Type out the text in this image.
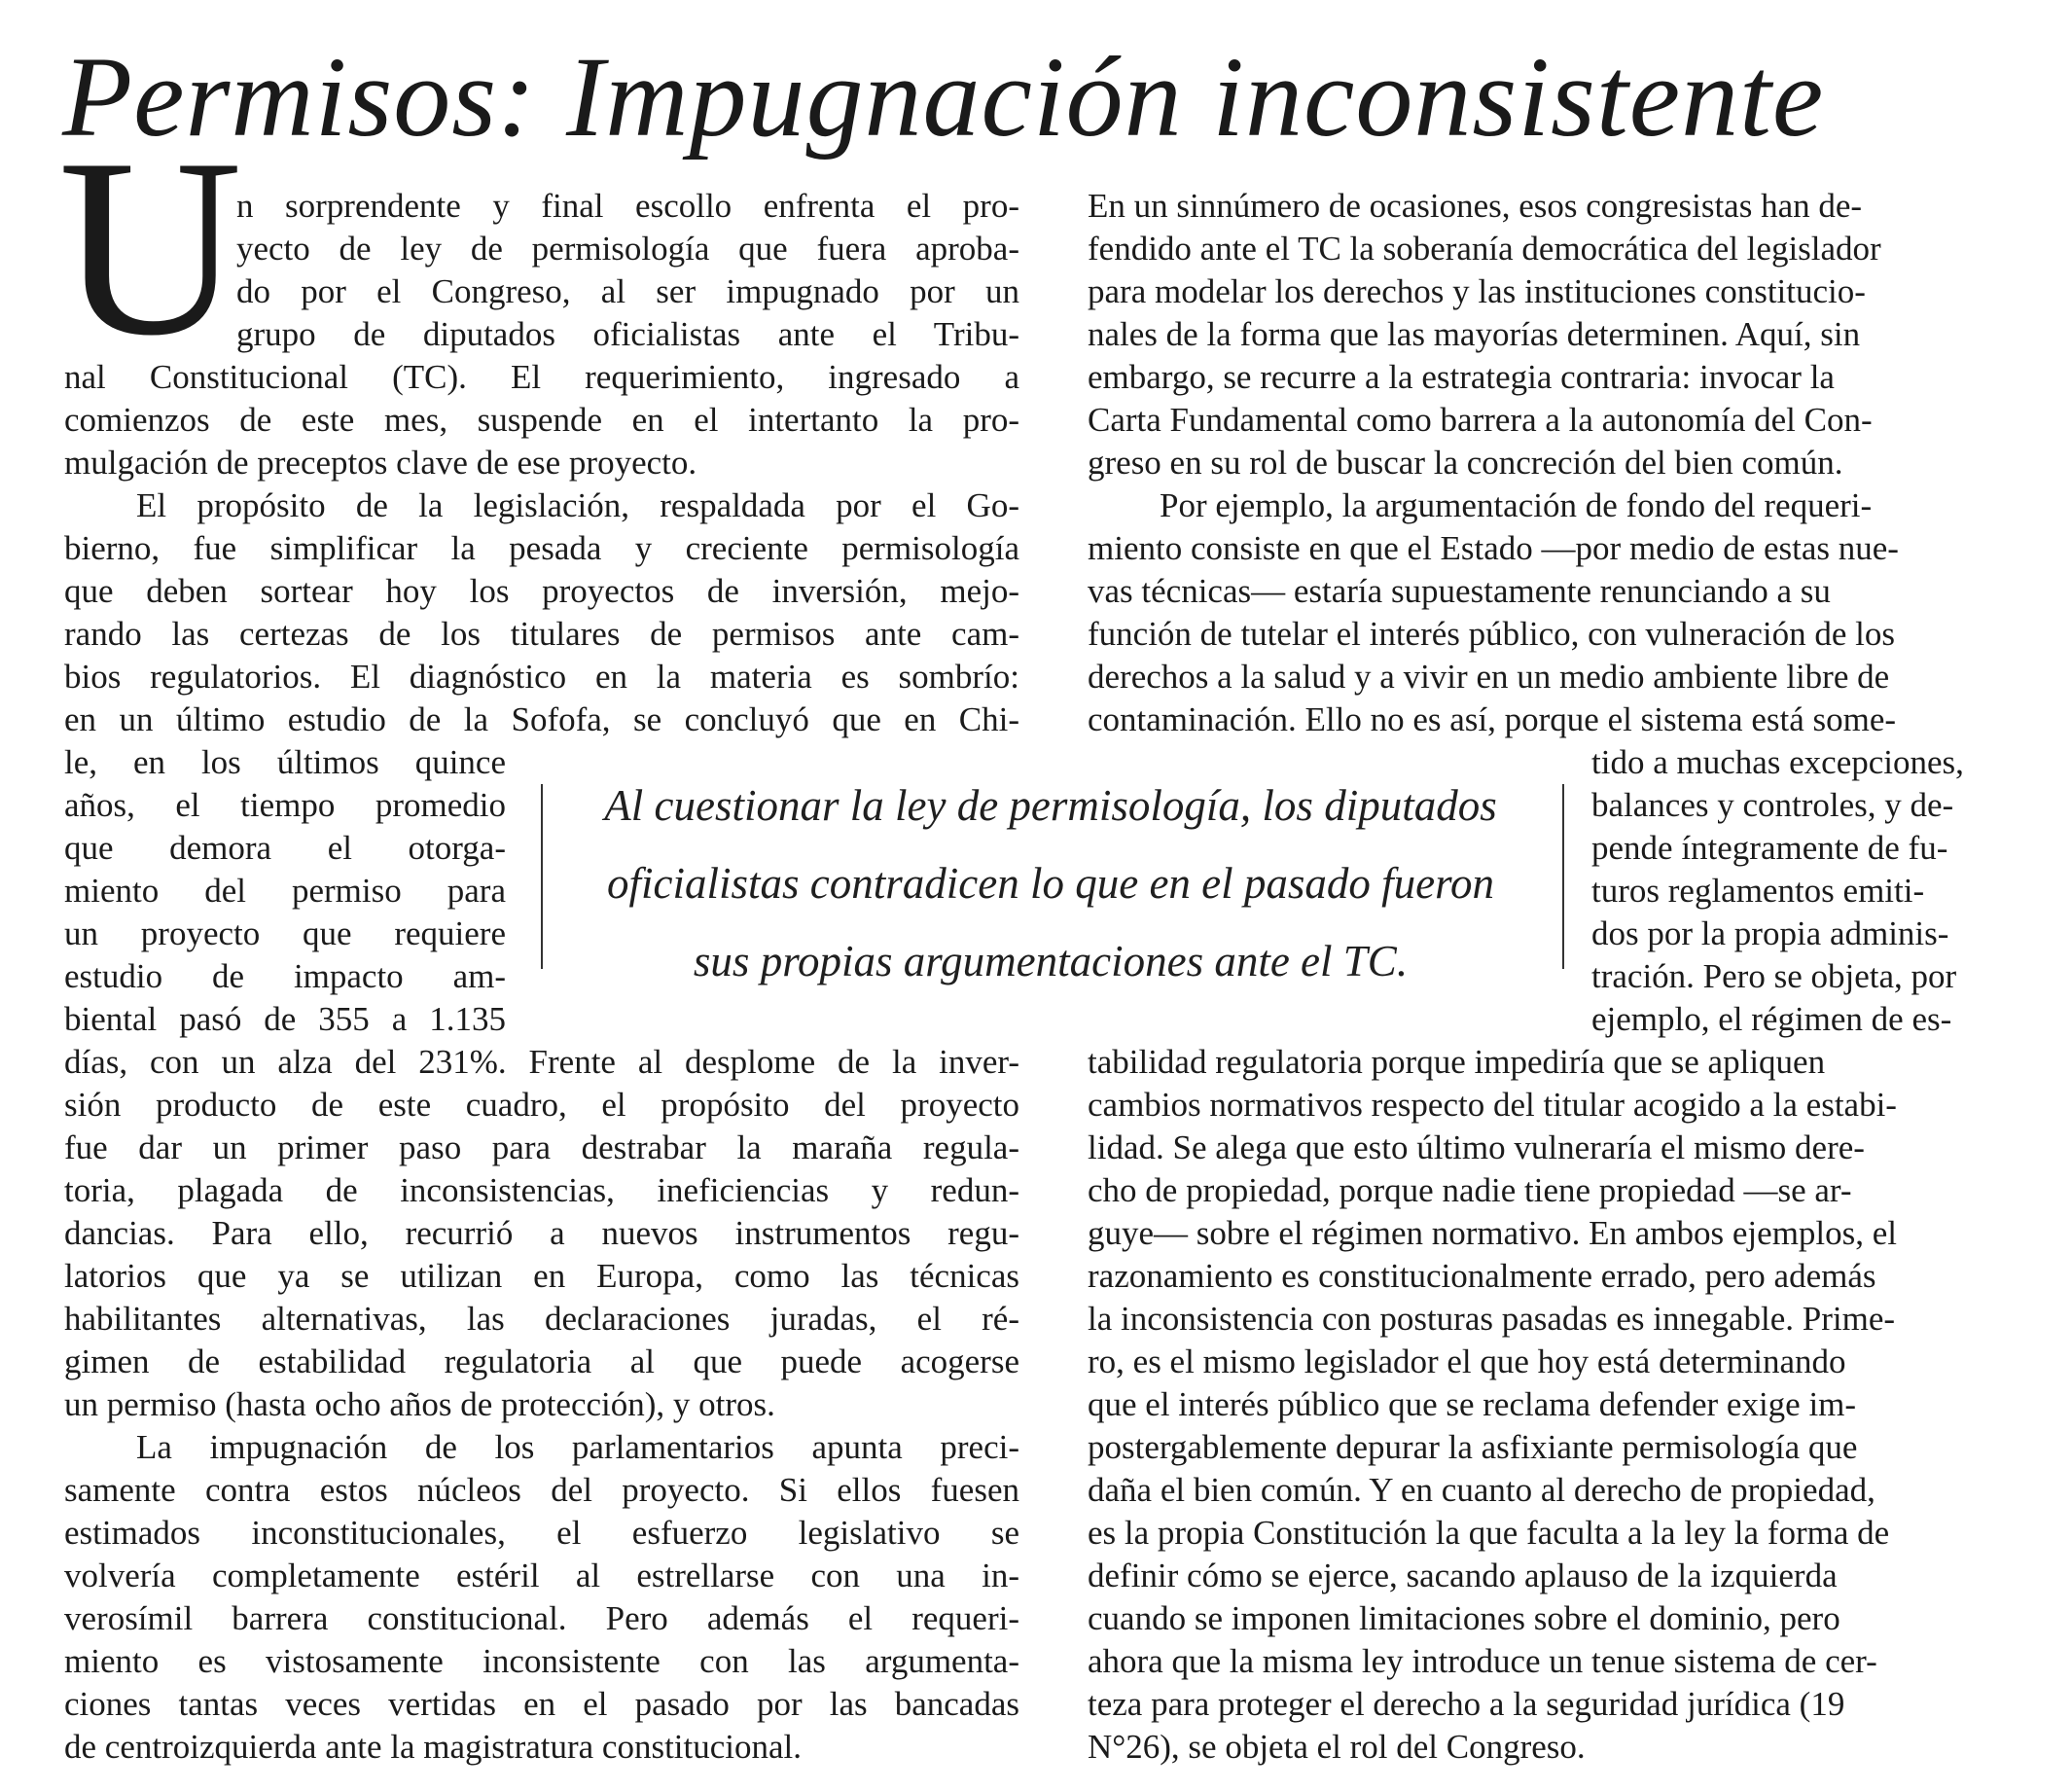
Permisos: Impugnación inconsistente
U
n sorprendente y final escollo enfrenta el pro-
yecto de ley de permisología que fuera aproba-
do por el Congreso, al ser impugnado por un
grupo de diputados oficialistas ante el Tribu-
nal Constitucional (TC). El requerimiento, ingresado a
comienzos de este mes, suspende en el intertanto la pro-
mulgación de preceptos clave de ese proyecto.
El propósito de la legislación, respaldada por el Go-
bierno, fue simplificar la pesada y creciente permisología
que deben sortear hoy los proyectos de inversión, mejo-
rando las certezas de los titulares de permisos ante cam-
bios regulatorios. El diagnóstico en la materia es sombrío:
en un último estudio de la Sofofa, se concluyó que en Chi-
le, en los últimos quince
años, el tiempo promedio
que demora el otorga-
miento del permiso para
un proyecto que requiere
estudio de impacto am-
biental pasó de 355 a 1.135
días, con un alza del 231%. Frente al desplome de la inver-
sión producto de este cuadro, el propósito del proyecto
fue dar un primer paso para destrabar la maraña regula-
toria, plagada de inconsistencias, ineficiencias y redun-
dancias. Para ello, recurrió a nuevos instrumentos regu-
latorios que ya se utilizan en Europa, como las técnicas
habilitantes alternativas, las declaraciones juradas, el ré-
gimen de estabilidad regulatoria al que puede acogerse
un permiso (hasta ocho años de protección), y otros.
La impugnación de los parlamentarios apunta preci-
samente contra estos núcleos del proyecto. Si ellos fuesen
estimados inconstitucionales, el esfuerzo legislativo se
volvería completamente estéril al estrellarse con una in-
verosímil barrera constitucional. Pero además el requeri-
miento es vistosamente inconsistente con las argumenta-
ciones tantas veces vertidas en el pasado por las bancadas
de centroizquierda ante la magistratura constitucional.
En un sinnúmero de ocasiones, esos congresistas han de-
fendido ante el TC la soberanía democrática del legislador
para modelar los derechos y las instituciones constitucio-
nales de la forma que las mayorías determinen. Aquí, sin
embargo, se recurre a la estrategia contraria: invocar la
Carta Fundamental como barrera a la autonomía del Con-
greso en su rol de buscar la concreción del bien común.
Por ejemplo, la argumentación de fondo del requeri-
miento consiste en que el Estado —por medio de estas nue-
vas técnicas— estaría supuestamente renunciando a su
función de tutelar el interés público, con vulneración de los
derechos a la salud y a vivir en un medio ambiente libre de
contaminación. Ello no es así, porque el sistema está some-
tido a muchas excepciones,
balances y controles, y de-
pende íntegramente de fu-
turos reglamentos emiti-
dos por la propia adminis-
tración. Pero se objeta, por
ejemplo, el régimen de es-
tabilidad regulatoria porque impediría que se apliquen
cambios normativos respecto del titular acogido a la estabi-
lidad. Se alega que esto último vulneraría el mismo dere-
cho de propiedad, porque nadie tiene propiedad —se ar-
guye— sobre el régimen normativo. En ambos ejemplos, el
razonamiento es constitucionalmente errado, pero además
la inconsistencia con posturas pasadas es innegable. Prime-
ro, es el mismo legislador el que hoy está determinando
que el interés público que se reclama defender exige im-
postergablemente depurar la asfixiante permisología que
daña el bien común. Y en cuanto al derecho de propiedad,
es la propia Constitución la que faculta a la ley la forma de
definir cómo se ejerce, sacando aplauso de la izquierda
cuando se imponen limitaciones sobre el dominio, pero
ahora que la misma ley introduce un tenue sistema de cer-
teza para proteger el derecho a la seguridad jurídica (19
N°26), se objeta el rol del Congreso.
Al cuestionar la ley de permisología, los diputados
oficialistas contradicen lo que en el pasado fueron
sus propias argumentaciones ante el TC.
